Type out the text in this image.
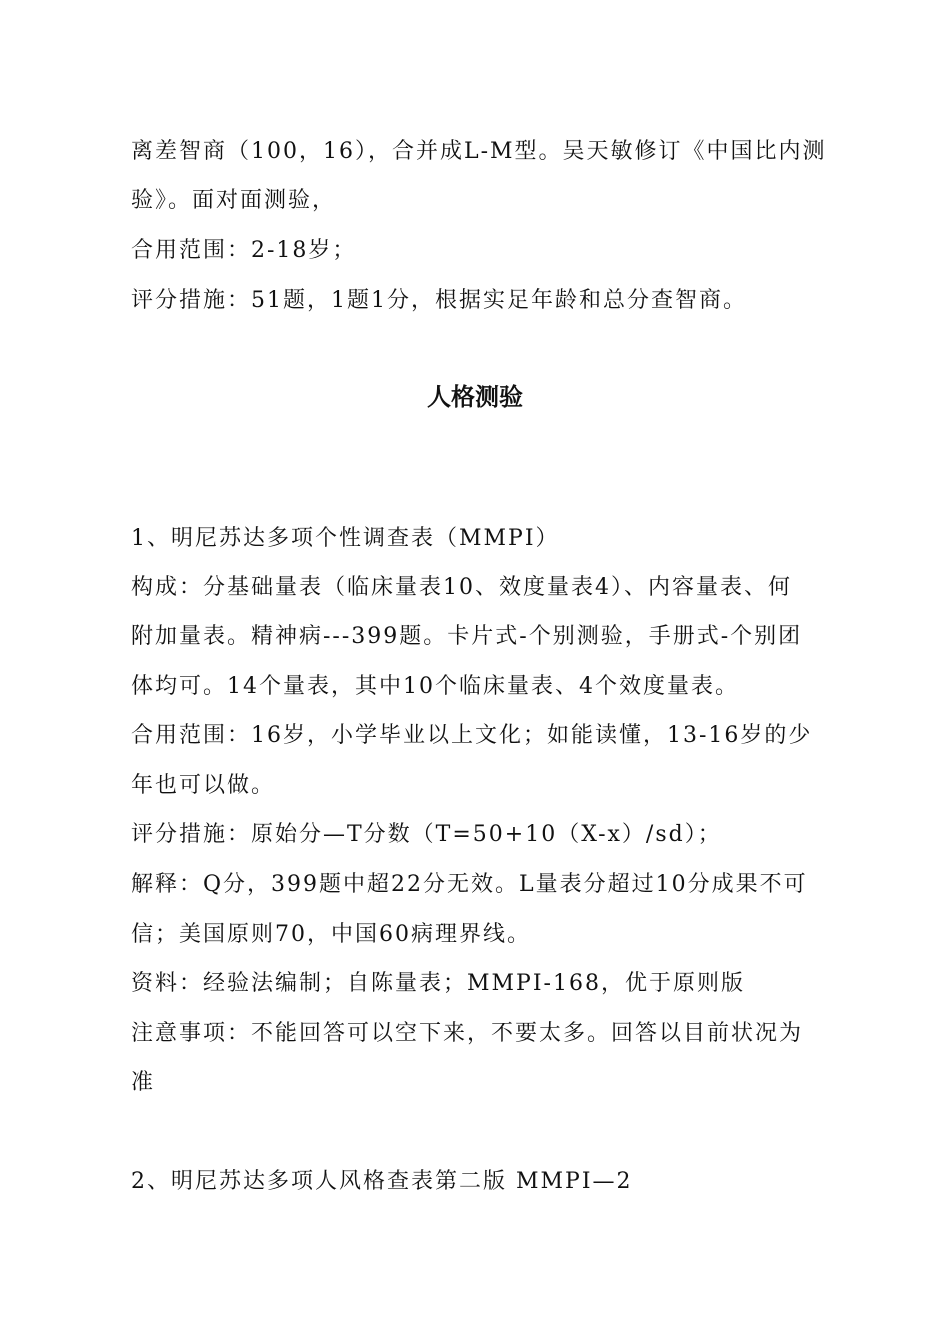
离差智商（100，16），合并成L-M型。吴天敏修订《中国比内测
验》。面对面测验，
合用范围：2-18岁；
评分措施：51题，1题1分，根据实足年龄和总分查智商。
人格测验
1、明尼苏达多项个性调查表（MMPI）
构成：分基础量表（临床量表10、效度量表4）、内容量表、何
附加量表。精神病---399题。卡片式-个别测验，手册式-个别团
体均可。14个量表，其中10个临床量表、4个效度量表。
合用范围：16岁，小学毕业以上文化；如能读懂，13-16岁的少
年也可以做。
评分措施：原始分—T分数（T=50+10（X-x）/sd）；
解释：Q分，399题中超22分无效。L量表分超过10分成果不可
信；美国原则70，中国60病理界线。
资料：经验法编制；自陈量表；MMPI-168，优于原则版
注意事项：不能回答可以空下来，不要太多。回答以目前状况为
准
2、明尼苏达多项人风格查表第二版 MMPI—2
